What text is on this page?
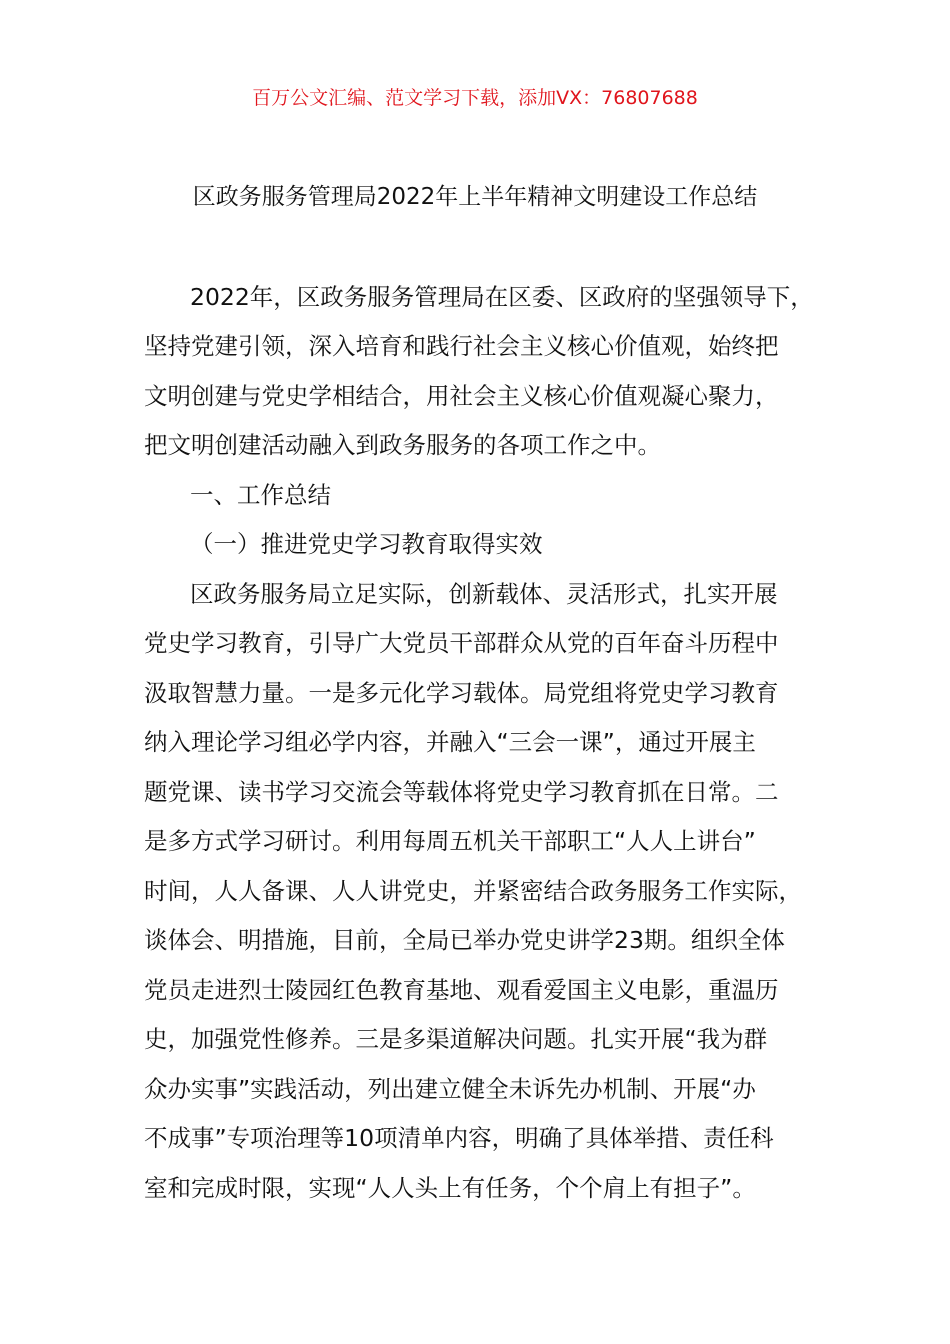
百万公文汇编、范文学习下载，添加VX：76807688
区政务服务管理局2022年上半年精神文明建设工作总结
2022年，区政务服务管理局在区委、区政府的坚强领导下，
坚持党建引领，深入培育和践行社会主义核心价值观，始终把
文明创建与党史学相结合，用社会主义核心价值观凝心聚力，
把文明创建活动融入到政务服务的各项工作之中。
一、工作总结
（一）推进党史学习教育取得实效
区政务服务局立足实际，创新载体、灵活形式，扎实开展
党史学习教育，引导广大党员干部群众从党的百年奋斗历程中
汲取智慧力量。一是多元化学习载体。局党组将党史学习教育
纳入理论学习组必学内容，并融入“三会一课”，通过开展主
题党课、读书学习交流会等载体将党史学习教育抓在日常。二
是多方式学习研讨。利用每周五机关干部职工“人人上讲台”
时间，人人备课、人人讲党史，并紧密结合政务服务工作实际，
谈体会、明措施，目前，全局已举办党史讲学23期。组织全体
党员走进烈士陵园红色教育基地、观看爱国主义电影，重温历
史，加强党性修养。三是多渠道解决问题。扎实开展“我为群
众办实事”实践活动，列出建立健全未诉先办机制、开展“办
不成事”专项治理等10项清单内容，明确了具体举措、责任科
室和完成时限，实现“人人头上有任务，个个肩上有担子”。
